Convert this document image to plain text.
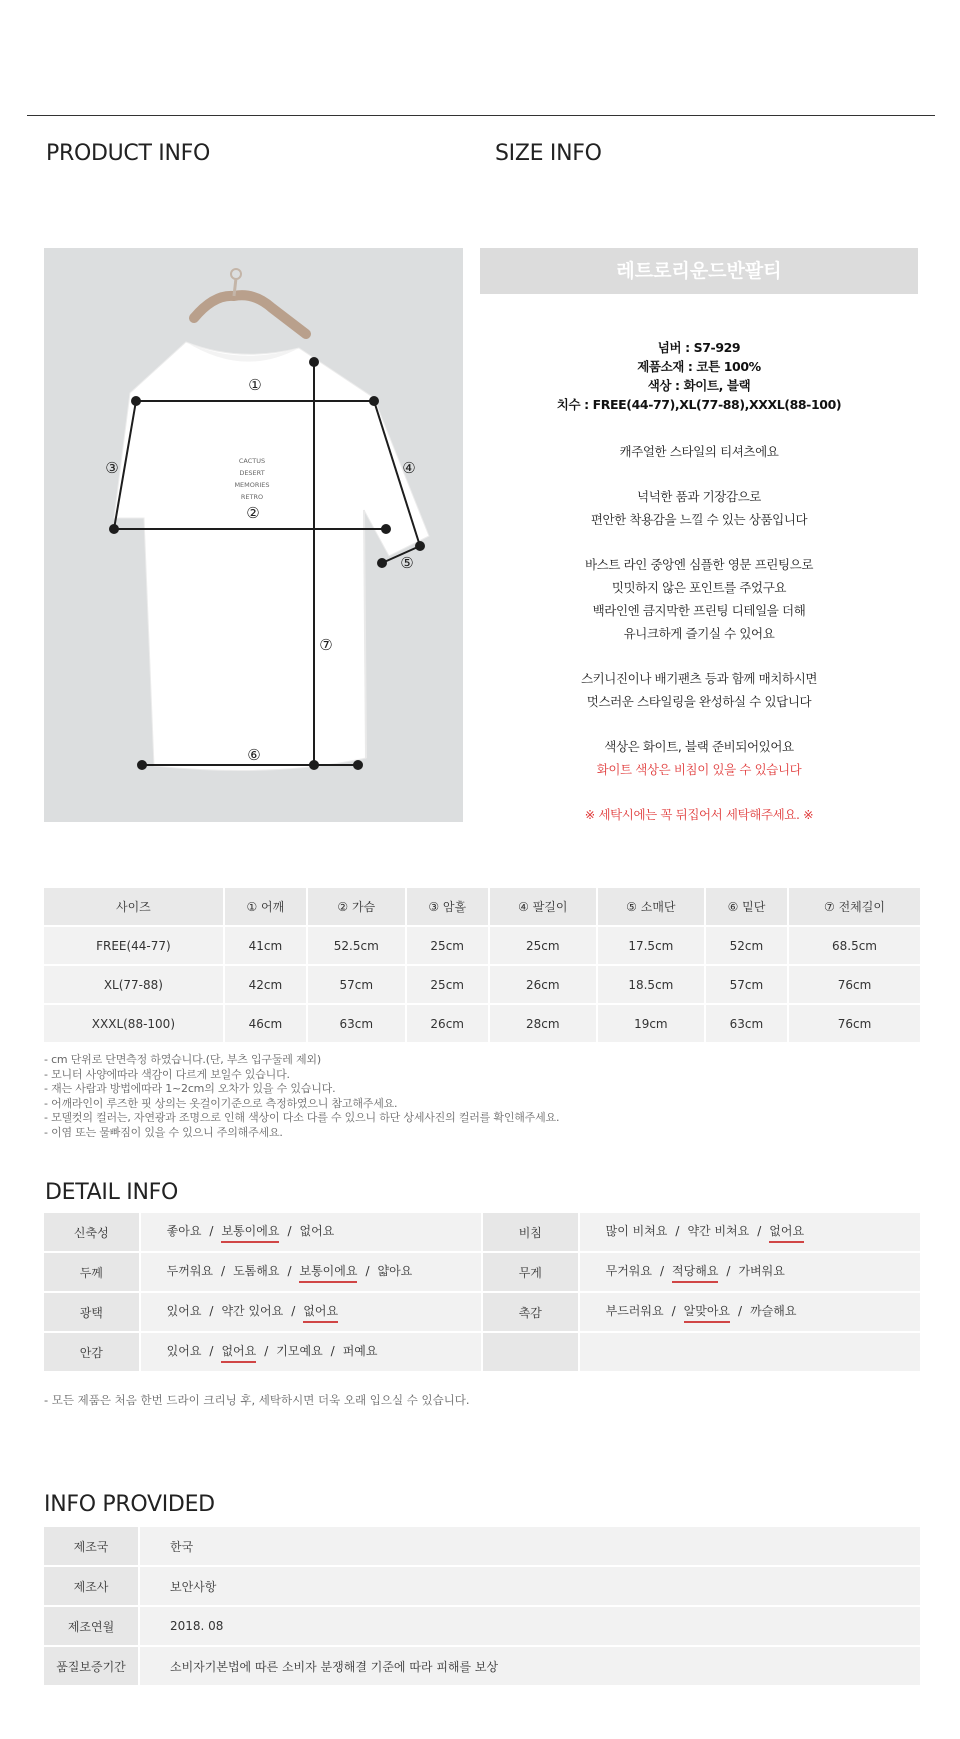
PRODUCT INFO	SIZE INFO
CACTUS
DESERT
MEMORIES
RETRO
①
②
③	④
⑤
⑥
⑦
레트로리운드반팔티
넘버 : S7-929
제품소재 : 코튼 100%
색상 : 화이트, 블랙
치수 : FREE(44-77),XL(77-88),XXXL(88-100)
캐주얼한 스타일의 티셔츠에요
넉넉한 품과 기장감으로
편안한 착용감을 느낄 수 있는 상품입니다
바스트 라인 중앙엔 심플한 영문 프린팅으로
밋밋하지 않은 포인트를 주었구요
백라인엔 큼지막한 프린팅 디테일을 더해
유니크하게 즐기실 수 있어요
스키니진이나 배기팬츠 등과 함께 매치하시면
멋스러운 스타일링을 완성하실 수 있답니다
색상은 화이트, 블랙 준비되어있어요
화이트 색상은 비침이 있을 수 있습니다
※ 세탁시에는 꼭 뒤집어서 세탁해주세요. ※
사이즈	① 어깨	② 가슴	③ 암홀	④ 팔길이	⑤ 소매단	⑥ 밑단	⑦ 전체길이	
FREE(44-77)	41cm	52.5cm	25cm	25cm	17.5cm	52cm	68.5cm	
XL(77-88)	42cm	57cm	25cm	26cm	18.5cm	57cm	76cm	
XXXL(88-100)	46cm	63cm	26cm	28cm	19cm	63cm	76cm	
- cm 단위로 단면측정 하였습니다.(단, 부츠 입구둘레 제외)
- 모니터 사양에따라 색감이 다르게 보일수 있습니다.
- 재는 사람과 방법에따라 1~2cm의 오차가 있을 수 있습니다.
- 어깨라인이 루즈한 핏 상의는 옷걸이기준으로 측정하였으니 참고해주세요.
- 모델컷의 컬러는, 자연광과 조명으로 인해 색상이 다소 다를 수 있으니 하단 상세사진의 컬러를 확인해주세요.
- 이염 또는 물빠짐이 있을 수 있으니 주의해주세요.
DETAIL INFO
신축성	좋아요 / 보통이에요 / 없어요	비침	많이 비쳐요 / 약간 비쳐요 / 없어요
두께	두꺼워요 / 도톰해요 / 보통이에요 / 얇아요	무게	무거워요 / 적당해요 / 가벼워요
광택	있어요 / 약간 있어요 / 없어요	촉감	부드러워요 / 알맞아요 / 까슬해요
안감	있어요 / 없어요 / 기모예요 / 퍼예요		
- 모든 제품은 처음 한번 드라이 크리닝 후, 세탁하시면 더욱 오래 입으실 수 있습니다.
INFO PROVIDED
제조국	한국
제조사	보안사항
제조연월	2018. 08
품질보증기간	소비자기본법에 따른 소비자 분쟁해결 기준에 따라 피해를 보상
